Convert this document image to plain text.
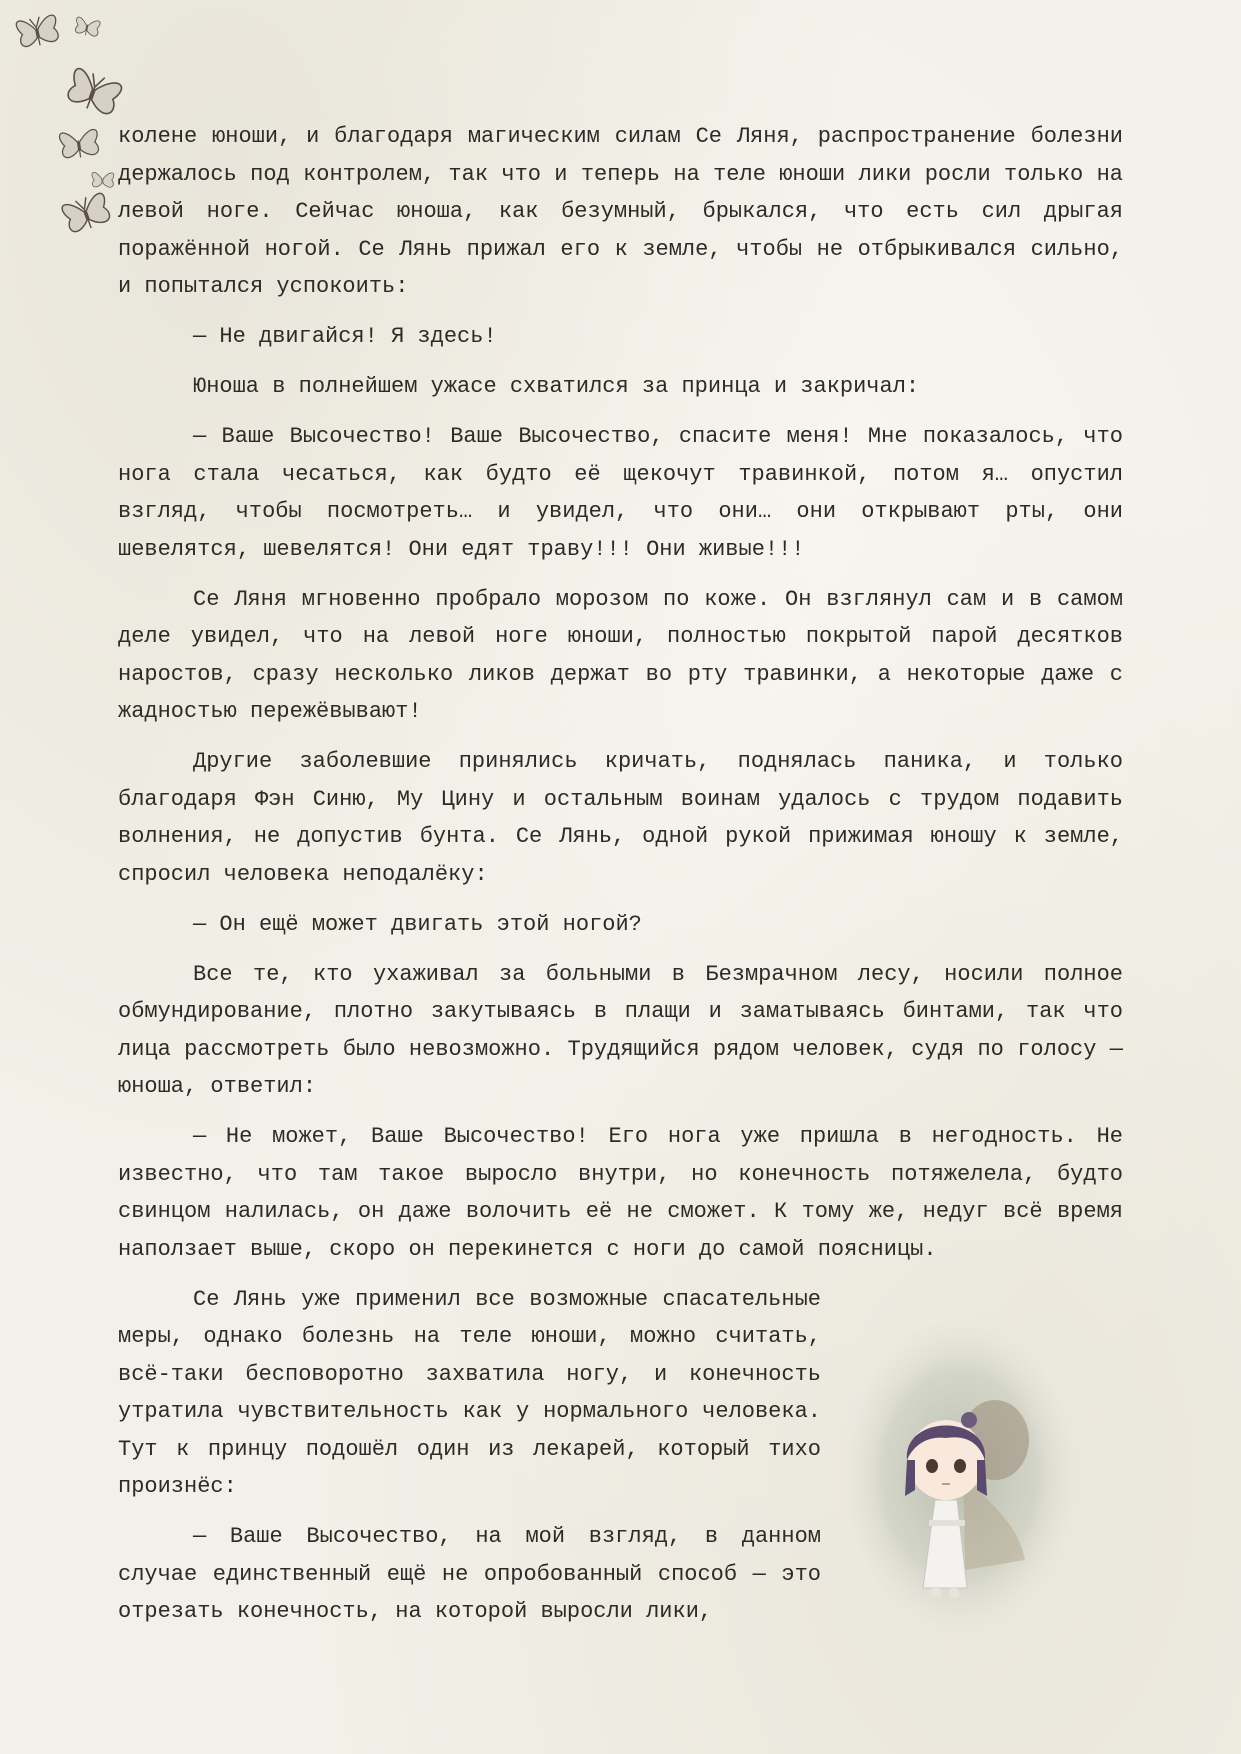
колене юноши, и благодаря магическим силам Се Ляня, распространение болезни держалось под контролем, так что и теперь на теле юноши лики росли только на левой ноге. Сейчас юноша, как безумный, брыкался, что есть сил дрыгая поражённой ногой. Се Лянь прижал его к земле, чтобы не отбрыкивался сильно, и попытался успокоить:

— Не двигайся! Я здесь!

Юноша в полнейшем ужасе схватился за принца и закричал:

— Ваше Высочество! Ваше Высочество, спасите меня! Мне показалось, что нога стала чесаться, как будто её щекочут травинкой, потом я… опустил взгляд, чтобы посмотреть… и увидел, что они… они открывают рты, они шевелятся, шевелятся! Они едят траву!!! Они живые!!!

Се Ляня мгновенно пробрало морозом по коже. Он взглянул сам и в самом деле увидел, что на левой ноге юноши, полностью покрытой парой десятков наростов, сразу несколько ликов держат во рту травинки, а некоторые даже с жадностью пережёвывают!

Другие заболевшие принялись кричать, поднялась паника, и только благодаря Фэн Синю, Му Цину и остальным воинам удалось с трудом подавить волнения, не допустив бунта. Се Лянь, одной рукой прижимая юношу к земле, спросил человека неподалёку:

— Он ещё может двигать этой ногой?

Все те, кто ухаживал за больными в Безмрачном лесу, носили полное обмундирование, плотно закутываясь в плащи и заматываясь бинтами, так что лица рассмотреть было невозможно. Трудящийся рядом человек, судя по голосу — юноша, ответил:

— Не может, Ваше Высочество! Его нога уже пришла в негодность. Не известно, что там такое выросло внутри, но конечность потяжелела, будто свинцом налилась, он даже волочить её не сможет. К тому же, недуг всё время наползает выше, скоро он перекинется с ноги до самой поясницы.

Се Лянь уже применил все возможные спасательные меры, однако болезнь на теле юноши, можно считать, всё-таки бесповоротно захватила ногу, и конечность утратила чувствительность как у нормального человека. Тут к принцу подошёл один из лекарей, который тихо произнёс:

— Ваше Высочество, на мой взгляд, в данном случае единственный ещё не опробованный способ — это отрезать конечность, на которой выросли лики,
